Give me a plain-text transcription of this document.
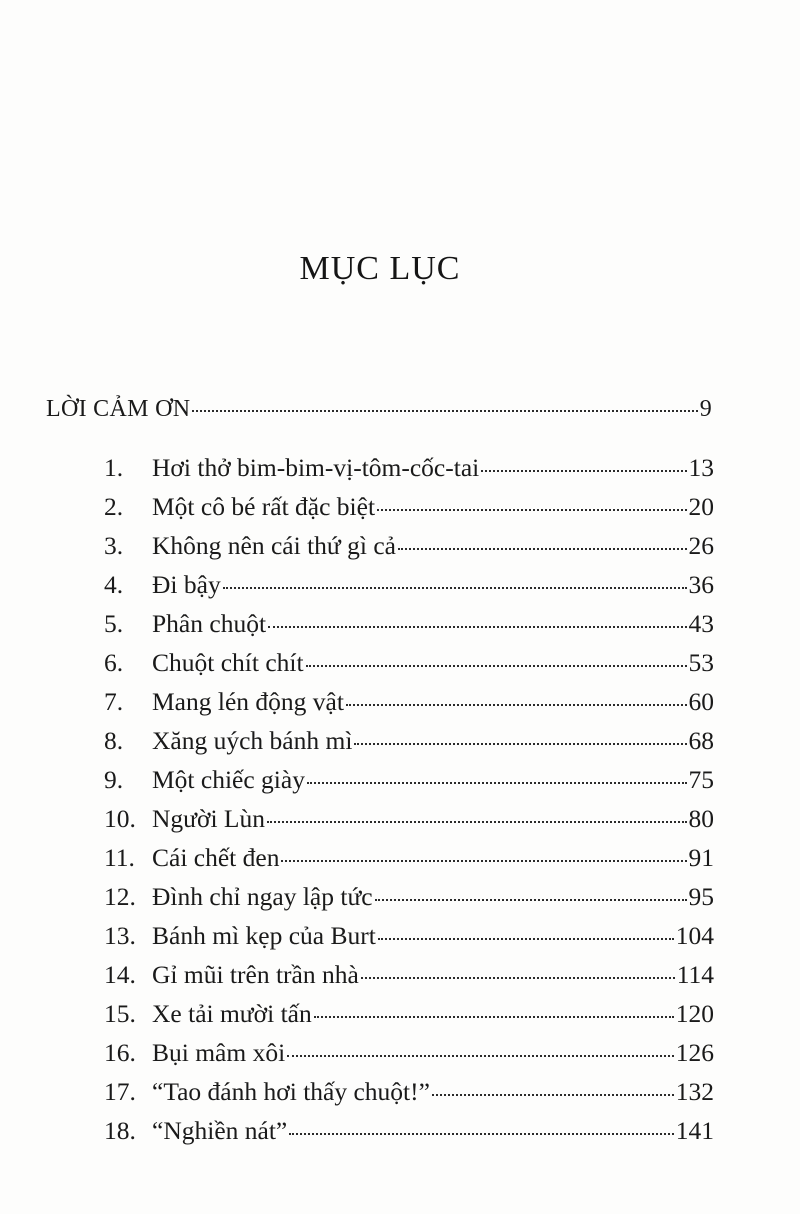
MỤC LỤC
LỜI CẢM ƠN	9
1.	Hơi thở bim-bim-vị-tôm-cốc-tai	13
2.	Một cô bé rất đặc biệt	20
3.	Không nên cái thứ gì cả	26
4.	Đi bậy	36
5.	Phân chuột	43
6.	Chuột chít chít	53
7.	Mang lén động vật	60
8.	Xăng uých bánh mì	68
9.	Một chiếc giày	75
10. Người Lùn	80
11. Cái chết đen	91
12. Đình chỉ ngay lập tức	95
13. Bánh mì kẹp của Burt	104
14. Gỉ mũi trên trần nhà	114
15. Xe tải mười tấn	120
16. Bụi mâm xôi	126
17. “Tao đánh hơi thấy chuột!”	132
18. “Nghiền nát”	141
